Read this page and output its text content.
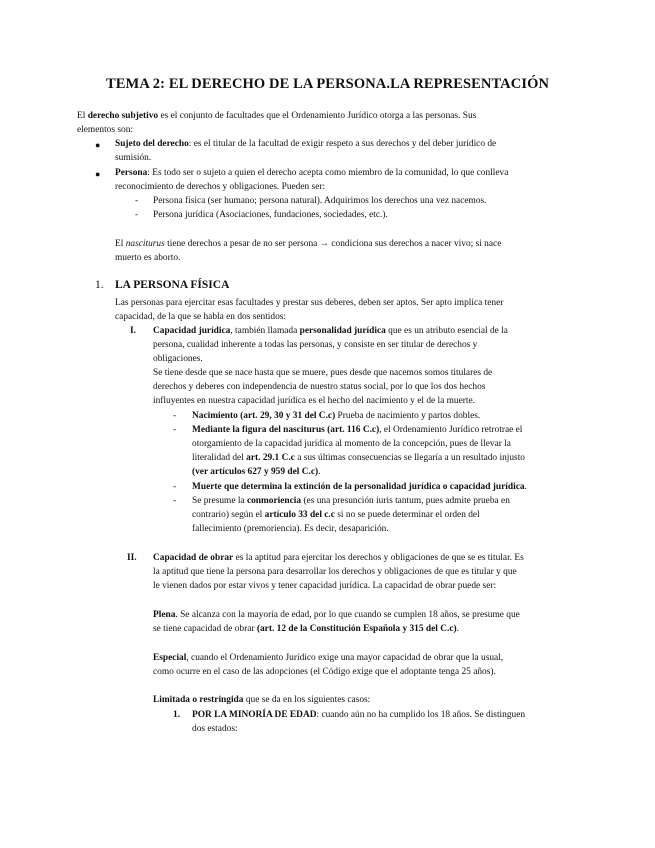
TEMA 2: EL DERECHO DE LA PERSONA.LA REPRESENTACIÓN

El derecho subjetivo es el conjunto de facultades que el Ordenamiento Jurídico otorga a las personas. Sus

elementos son:

●	Sujeto del derecho: es el titular de la facultad de exigir respeto a sus derechos y del deber jurídico de

sumisión.

●	Persona: Es todo ser o sujeto a quien el derecho acepta como miembro de la comunidad, lo que conlleva

reconocimiento de derechos y obligaciones. Pueden ser:

-	Persona física (ser humano; persona natural). Adquirimos los derechos una vez nacemos.

-	Persona jurídica (Asociaciones, fundaciones, sociedades, etc.).

El nasciturus tiene derechos a pesar de no ser persona → condiciona sus derechos a nacer vivo; si nace

muerto es aborto.

1. LA PERSONA FÍSICA

Las personas para ejercitar esas facultades y prestar sus deberes, deben ser aptos. Ser apto implica tener

capacidad, de la que se habla en dos sentidos:

I. Capacidad jurídica, también llamada personalidad jurídica que es un atributo esencial de la

persona, cualidad inherente a todas las personas, y consiste en ser titular de derechos y

obligaciones.

Se tiene desde que se nace hasta que se muere, pues desde que nacemos somos titulares de

derechos y deberes con independencia de nuestro status social, por lo que los dos hechos

influyentes en nuestra capacidad jurídica es el hecho del nacimiento y el de la muerte.

-	Nacimiento (art. 29, 30 y 31 del C.c) Prueba de nacimiento y partos dobles.

-	Mediante la figura del nasciturus (art. 116 C.c), el Ordenamiento Jurídico retrotrae el

otorgamiento de la capacidad jurídica al momento de la concepción, pues de llevar la

literalidad del art. 29.1 C.c a sus últimas consecuencias se llegaría a un resultado injusto

(ver artículos 627 y 959 del C.c).

-	Muerte que determina la extinción de la personalidad jurídica o capacidad jurídica.

-	Se presume la conmoriencia (es una presunción iuris tantum, pues admite prueba en

contrario) según el artículo 33 del c.c si no se puede determinar el orden del

fallecimiento (premoriencia). Es decir, desaparición.

II. Capacidad de obrar es la aptitud para ejercitar los derechos y obligaciones de que se es titular. Es

la aptitud que tiene la persona para desarrollar los derechos y obligaciones de que es titular y que

le vienen dados por estar vivos y tener capacidad jurídica. La capacidad de obrar puede ser:

Plena. Se alcanza con la mayoría de edad, por lo que cuando se cumplen 18 años, se presume que

se tiene capacidad de obrar (art. 12 de la Constitución Española y 315 del C.c).

Especial, cuando el Ordenamiento Jurídico exige una mayor capacidad de obrar que la usual,

como ocurre en el caso de las adopciones (el Código exige que el adoptante tenga 25 años).

Limitada o restringida que se da en los siguientes casos:

1. POR LA MINORÍA DE EDAD: cuando aún no ha cumplido los 18 años. Se distinguen

dos estados:
